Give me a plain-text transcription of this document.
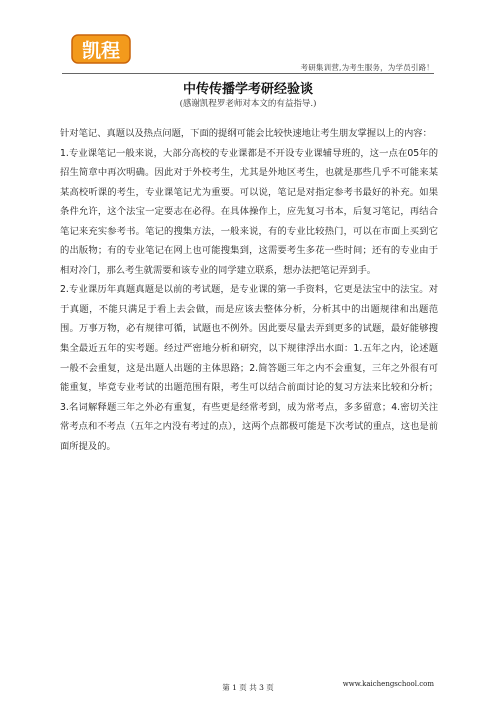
凯程
考研集训营,为考生服务，为学员引路！
中传传播学考研经验谈
(感谢凯程罗老师对本文的有益指导.)

针对笔记、真题以及热点问题，下面的提纲可能会比较快速地让考生朋友掌握以上的内容：

1.专业课笔记一般来说，大部分高校的专业课都是不开设专业课辅导班的，这一点在05年的招生简章中再次明确。因此对于外校考生，尤其是外地区考生，也就是那些几乎不可能来某某高校听课的考生，专业课笔记尤为重要。可以说，笔记是对指定参考书最好的补充。如果条件允许，这个法宝一定要志在必得。在具体操作上，应先复习书本，后复习笔记，再结合笔记来充实参考书。笔记的搜集方法，一般来说，有的专业比较热门，可以在市面上买到它的出版物；有的专业笔记在网上也可能搜集到，这需要考生多花一些时间；还有的专业由于相对冷门，那么考生就需要和该专业的同学建立联系，想办法把笔记弄到手。

2.专业课历年真题真题是以前的考试题，是专业课的第一手资料，它更是法宝中的法宝。对于真题，不能只满足于看上去会做，而是应该去整体分析，分析其中的出题规律和出题范围。万事万物，必有规律可循，试题也不例外。因此要尽量去弄到更多的试题，最好能够搜集全最近五年的实考题。经过严密地分析和研究，以下规律浮出水面：1.五年之内，论述题一般不会重复，这是出题人出题的主体思路；2.简答题三年之内不会重复，三年之外很有可能重复，毕竟专业考试的出题范围有限，考生可以结合前面讨论的复习方法来比较和分析；3.名词解释题三年之外必有重复，有些更是经常考到，成为常考点，多多留意；4.密切关注常考点和不考点（五年之内没有考过的点），这两个点都极可能是下次考试的重点，这也是前面所提及的。

第 1 页 共 3 页	www.kaichengschool.com
